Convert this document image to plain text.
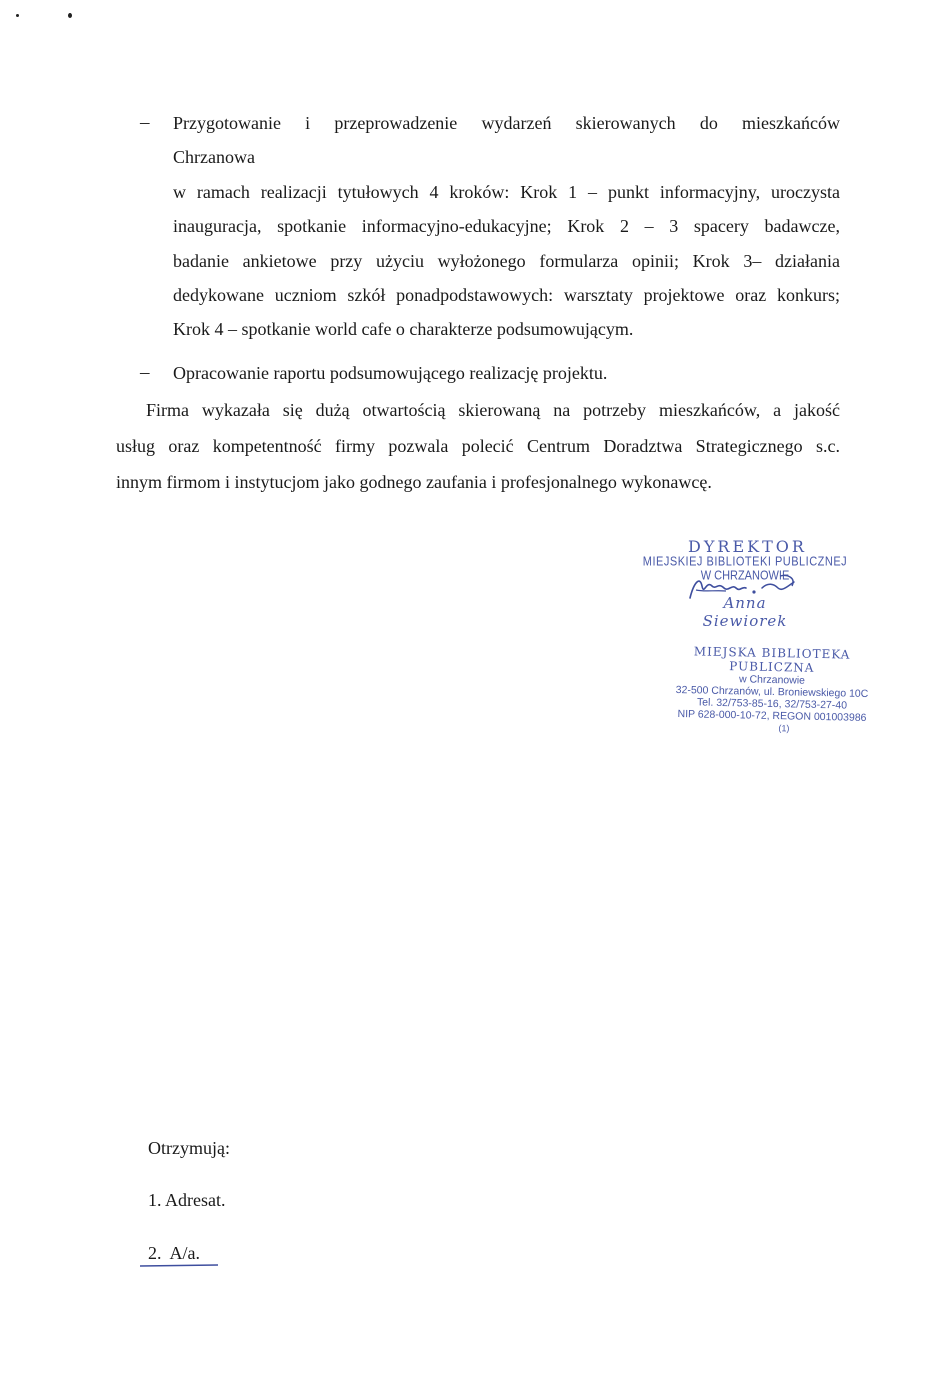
– Przygotowanie i przeprowadzenie wydarzeń skierowanych do mieszkańców
Chrzanowa
w ramach realizacji tytułowych 4 kroków: Krok 1 – punkt informacyjny, uroczysta
inauguracja, spotkanie informacyjno-edukacyjne; Krok 2 – 3 spacery badawcze,
badanie ankietowe przy użyciu wyłożonego formularza opinii; Krok 3– działania
dedykowane uczniom szkół ponadpodstawowych: warsztaty projektowe oraz konkurs;
Krok 4 – spotkanie world cafe o charakterze podsumowującym.
– Opracowanie raportu podsumowującego realizację projektu.
Firma wykazała się dużą otwartością skierowaną na potrzeby mieszkańców, a jakość
usług oraz kompetentność firmy pozwala polecić Centrum Doradztwa Strategicznego s.c.
innym firmom i instytucjom jako godnego zaufania i profesjonalnego wykonawcę.
DYREKTOR
MIEJSKIEJ BIBLIOTEKI PUBLICZNEJ
W CHRZANOWIE
Anna Siewiorek
MIEJSKA BIBLIOTEKA PUBLICZNA
w Chrzanowie
32-500 Chrzanów, ul. Broniewskiego 10C
Tel. 32/753-85-16, 32/753-27-40
NIP 628-000-10-72, REGON 001003986
(1)
Otrzymują:
1. Adresat.
2.  A/a.
